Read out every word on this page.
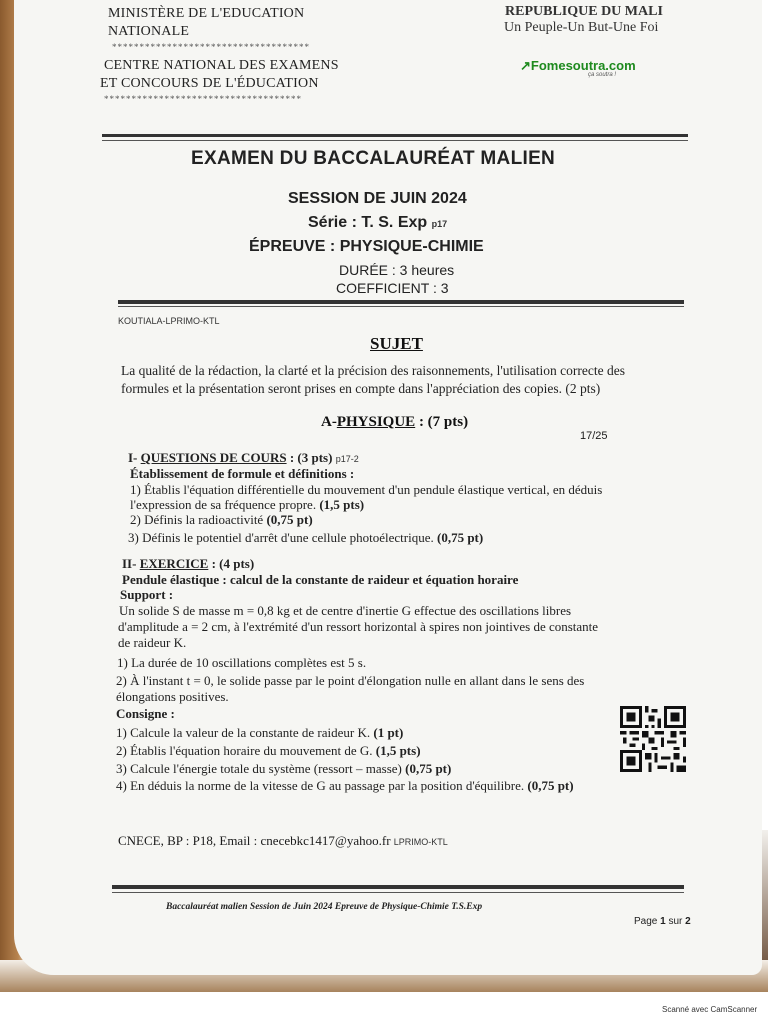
MINISTÈRE DE L'EDUCATION
NATIONALE
************************************
CENTRE NATIONAL DES EXAMENS
ET CONCOURS DE L'ÉDUCATION
************************************
REPUBLIQUE DU MALI
Un Peuple-Un But-Une Foi
↗Fomesoutra.com
ça soutra !
EXAMEN DU BACCALAURÉAT MALIEN
SESSION DE JUIN 2024
Série : T. S. Exp p17
ÉPREUVE : PHYSIQUE-CHIMIE
DURÉE : 3 heures
COEFFICIENT : 3
KOUTIALA-LPRIMO-KTL
SUJET
La qualité de la rédaction, la clarté et la précision des raisonnements, l'utilisation correcte des
formules et la présentation seront prises en compte dans l'appréciation des copies. (2 pts)
A-PHYSIQUE : (7 pts)
17/25
I- QUESTIONS DE COURS : (3 pts) p17-2
Établissement de formule et définitions :
1) Établis l'équation différentielle du mouvement d'un pendule élastique vertical, en déduis
l'expression de sa fréquence propre. (1,5 pts)
2) Définis la radioactivité (0,75 pt)
3) Définis le potentiel d'arrêt d'une cellule photoélectrique. (0,75 pt)
II- EXERCICE : (4 pts)
Pendule élastique : calcul de la constante de raideur et équation horaire
Support :
Un solide S de masse m = 0,8 kg et de centre d'inertie G effectue des oscillations libres
d'amplitude a = 2 cm, à l'extrémité d'un ressort horizontal à spires non jointives de constante
de raideur K.
1) La durée de 10 oscillations complètes est 5 s.
2) À l'instant t = 0, le solide passe par le point d'élongation nulle en allant dans le sens des
élongations positives.
Consigne :
1) Calcule la valeur de la constante de raideur K. (1 pt)
2) Établis l'équation horaire du mouvement de G. (1,5 pts)
3) Calcule l'énergie totale du système (ressort – masse) (0,75 pt)
4) En déduis la norme de la vitesse de G au passage par la position d'équilibre. (0,75 pt)
CNECE, BP : P18, Email : cnecebkc1417@yahoo.fr LPRIMO-KTL
Baccalauréat malien Session de Juin 2024 Epreuve de Physique-Chimie T.S.Exp
Page 1 sur 2
Scanné avec CamScanner
